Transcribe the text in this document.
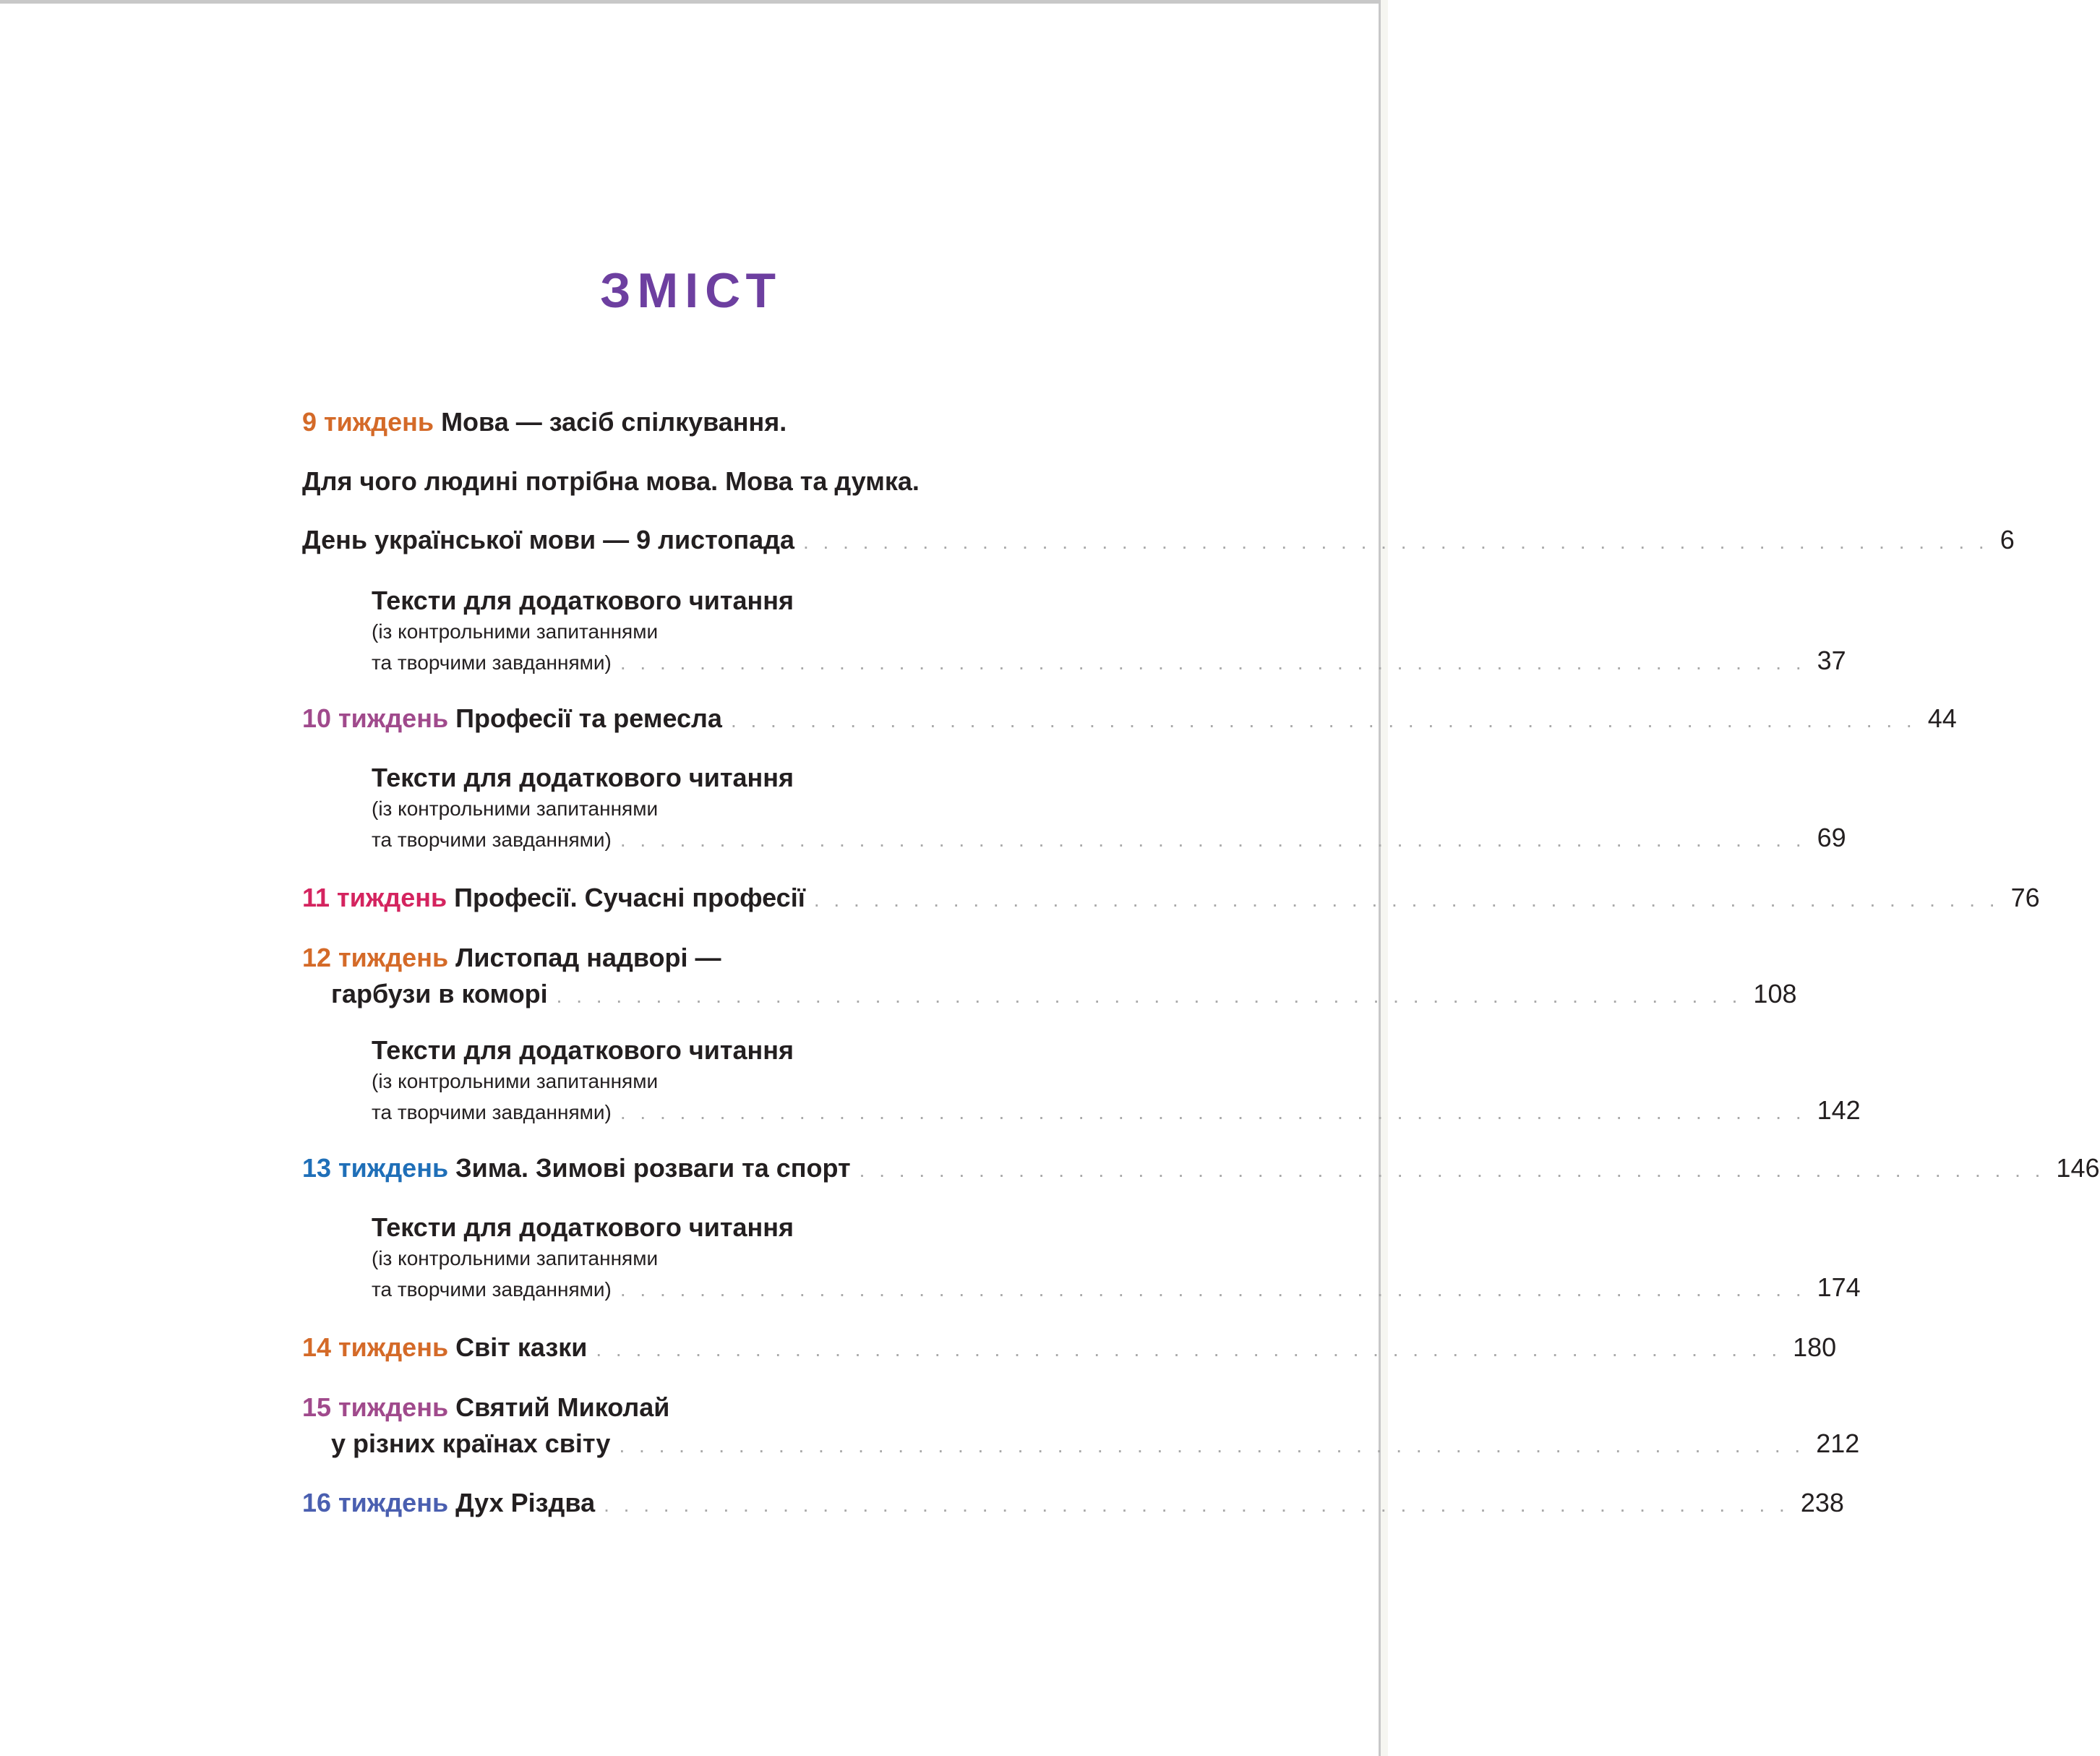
ЗМІСТ
9 тиждень Мова — засіб спілкування.
Для чого людині потрібна мова. Мова та думка.
День української мови — 9 листопада . . . . . . . . . . . . . . . . . . . . . . . . . . . . . . . . . . . . . . . . . . . . . . . . . . . . . . . . . . . . 6
Тексти для додаткового читання
(із контрольними запитаннями
та творчими завданнями) . . . . . . . . . . . . . . . . . . . . . . . . . . . . . . . . . . . . . . . . . . . . . . . . . . . . . . . . . . . . 37
10 тиждень Професії та ремесла . . . . . . . . . . . . . . . . . . . . . . . . . . . . . . . . . . . . . . . . . . . . . . . . . . . . . . . . . . . . 44
Тексти для додаткового читання
(із контрольними запитаннями
та творчими завданнями) . . . . . . . . . . . . . . . . . . . . . . . . . . . . . . . . . . . . . . . . . . . . . . . . . . . . . . . . . . . . 69
11 тиждень Професії. Сучасні професії . . . . . . . . . . . . . . . . . . . . . . . . . . . . . . . . . . . . . . . . . . . . . . . . . . . . . . . . . . . . 76
12 тиждень Листопад надворі —
гарбузи в коморі . . . . . . . . . . . . . . . . . . . . . . . . . . . . . . . . . . . . . . . . . . . . . . . . . . . . . . . . . . . . 108
Тексти для додаткового читання
(із контрольними запитаннями
та творчими завданнями) . . . . . . . . . . . . . . . . . . . . . . . . . . . . . . . . . . . . . . . . . . . . . . . . . . . . . . . . . . . . 142
13 тиждень Зима. Зимові розваги та спорт . . . . . . . . . . . . . . . . . . . . . . . . . . . . . . . . . . . . . . . . . . . . . . . . . . . . . . . . . . . . 146
Тексти для додаткового читання
(із контрольними запитаннями
та творчими завданнями) . . . . . . . . . . . . . . . . . . . . . . . . . . . . . . . . . . . . . . . . . . . . . . . . . . . . . . . . . . . . 174
14 тиждень Світ казки . . . . . . . . . . . . . . . . . . . . . . . . . . . . . . . . . . . . . . . . . . . . . . . . . . . . . . . . . . . . 180
15 тиждень Святий Миколай
у різних країнах світу . . . . . . . . . . . . . . . . . . . . . . . . . . . . . . . . . . . . . . . . . . . . . . . . . . . . . . . . . . . . 212
16 тиждень Дух Різдва . . . . . . . . . . . . . . . . . . . . . . . . . . . . . . . . . . . . . . . . . . . . . . . . . . . . . . . . . . . . 238
